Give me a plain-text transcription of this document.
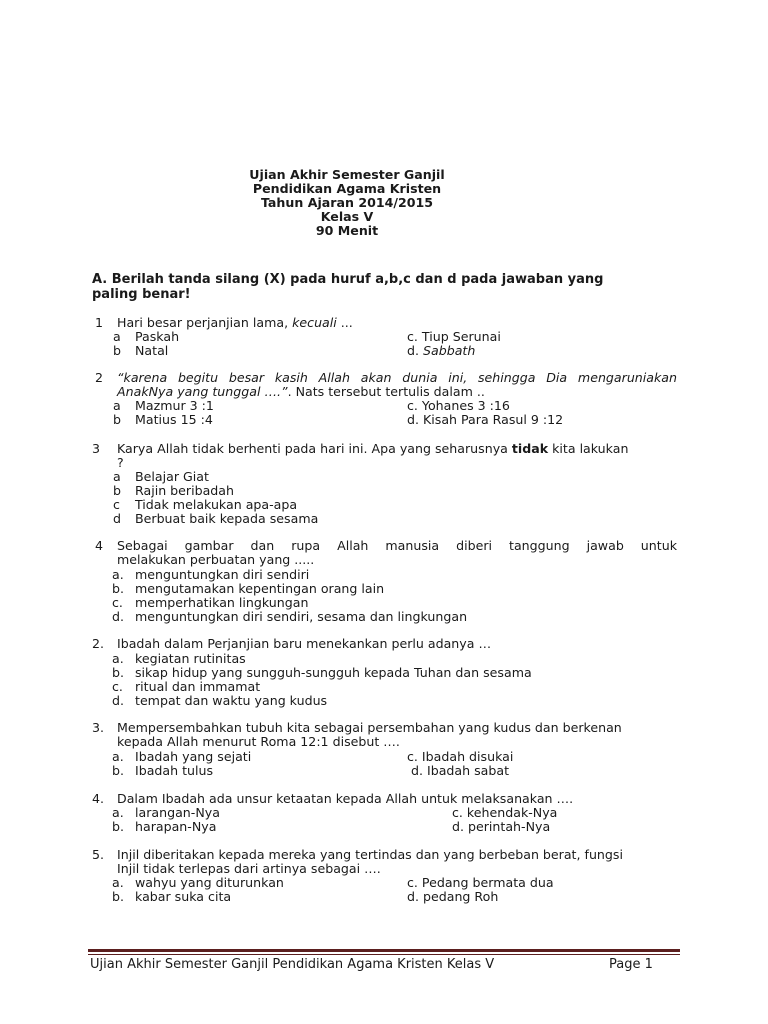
Ujian Akhir Semester Ganjil
Pendidikan Agama Kristen
Tahun Ajaran 2014/2015
Kelas V
90 Menit
A. Berilah tanda silang (X) pada huruf a,b,c dan d pada jawaban yang
paling benar!
1 Hari besar perjanjian lama, kecuali ...
a Paskah
b Natal
c. Tiup Serunai
d. Sabbath
2 “karena begitu besar kasih Allah akan dunia ini, sehingga Dia mengaruniakan
AnakNya yang tunggal ….”. Nats tersebut tertulis dalam ..
a Mazmur 3 :1
b Matius 15 :4
c. Yohanes 3 :16
d. Kisah Para Rasul 9 :12
3 Karya Allah tidak berhenti pada hari ini. Apa yang seharusnya tidak kita lakukan
?
a Belajar Giat
b Rajin beribadah
c Tidak melakukan apa-apa
d Berbuat baik kepada sesama
4 Sebagai gambar dan rupa Allah manusia diberi tanggung jawab untuk
melakukan perbuatan yang .....
a. menguntungkan diri sendiri
b. mengutamakan kepentingan orang lain
c. memperhatikan lingkungan
d. menguntungkan diri sendiri, sesama dan lingkungan
2. Ibadah dalam Perjanjian baru menekankan perlu adanya …
a. kegiatan rutinitas
b. sikap hidup yang sungguh-sungguh kepada Tuhan dan sesama
c. ritual dan immamat
d. tempat dan waktu yang kudus
3. Mempersembahkan tubuh kita sebagai persembahan yang kudus dan berkenan
kepada Allah menurut Roma 12:1 disebut ….
a. Ibadah yang sejati
b. Ibadah tulus
c. Ibadah disukai
d. Ibadah sabat
4. Dalam Ibadah ada unsur ketaatan kepada Allah untuk melaksanakan ….
a. larangan-Nya
b. harapan-Nya
c. kehendak-Nya
d. perintah-Nya
5. Injil diberitakan kepada mereka yang tertindas dan yang berbeban berat, fungsi
Injil tidak terlepas dari artinya sebagai ….
a. wahyu yang diturunkan
b. kabar suka cita
c. Pedang bermata dua
d. pedang Roh
Ujian Akhir Semester Ganjil Pendidikan Agama Kristen Kelas V	Page 1
